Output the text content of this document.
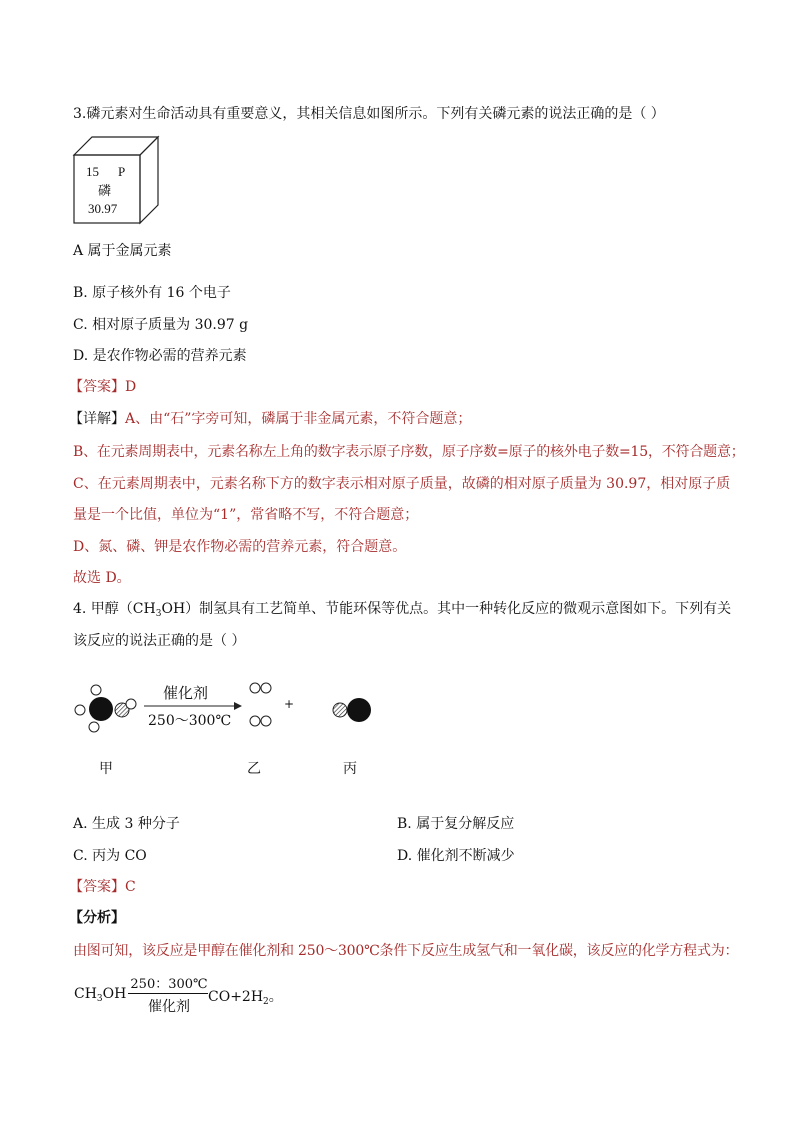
3.磷元素对生命活动具有重要意义，其相关信息如图所示。下列有关磷元素的说法正确的是（ ）
15 P
磷
30.97
A 属于金属元素
B. 原子核外有 16 个电子
C. 相对原子质量为 30.97 g
D. 是农作物必需的营养元素
【答案】D
【详解】A、由“石”字旁可知，磷属于非金属元素，不符合题意；
B、在元素周期表中，元素名称左上角的数字表示原子序数，原子序数=原子的核外电子数=15，不符合题意；
C、在元素周期表中，元素名称下方的数字表示相对原子质量，故磷的相对原子质量为 30.97，相对原子质
量是一个比值，单位为“1”，常省略不写，不符合题意；
D、氮、磷、钾是农作物必需的营养元素，符合题意。
故选 D。
4. 甲醇$(CH_3OH)$制氢具有工艺简单、节能环保等优点。其中一种转化反应的微观示意图如下。下列有关
该反应的说法正确的是（ ）
催化剂
250～300℃
+
甲	乙	丙
A. 生成 3 种分子	B. 属于复分解反应
C. 丙为 CO	D. 催化剂不断减少
【答案】C
【分析】
由图可知，该反应是甲醇在催化剂和 250～300℃条件下反应生成氢气和一氧化碳，该反应的化学方程式为：
$CH_3OH$
250：300℃
催化剂
$CO+2H_2$。
